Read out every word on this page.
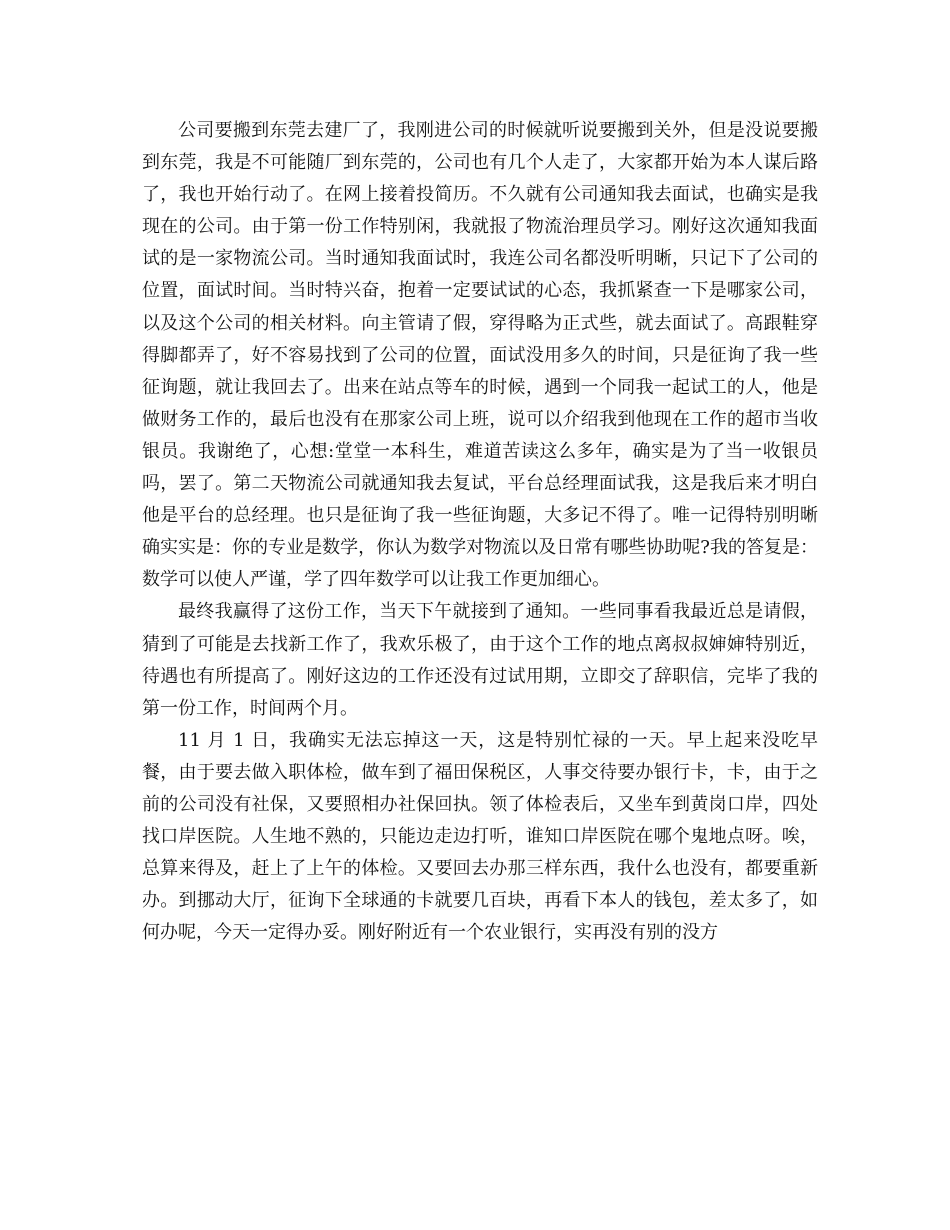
公司要搬到东莞去建厂了，我刚进公司的时候就听说要搬到关外，但是没说要搬到东莞，我是不可能随厂到东莞的，公司也有几个人走了，大家都开始为本人谋后路了，我也开始行动了。在网上接着投简历。不久就有公司通知我去面试，也确实是我现在的公司。由于第一份工作特别闲，我就报了物流治理员学习。刚好这次通知我面试的是一家物流公司。当时通知我面试时，我连公司名都没听明晰，只记下了公司的位置，面试时间。当时特兴奋，抱着一定要试试的心态，我抓紧查一下是哪家公司，以及这个公司的相关材料。向主管请了假，穿得略为正式些，就去面试了。高跟鞋穿得脚都弄了，好不容易找到了公司的位置，面试没用多久的时间，只是征询了我一些征询题，就让我回去了。出来在站点等车的时候，遇到一个同我一起试工的人，他是做财务工作的，最后也没有在那家公司上班，说可以介绍我到他现在工作的超市当收银员。我谢绝了，心想:堂堂一本科生，难道苦读这么多年，确实是为了当一收银员吗，罢了。第二天物流公司就通知我去复试，平台总经理面试我，这是我后来才明白他是平台的总经理。也只是征询了我一些征询题，大多记不得了。唯一记得特别明晰确实实是：你的专业是数学，你认为数学对物流以及日常有哪些协助呢?我的答复是：数学可以使人严谨，学了四年数学可以让我工作更加细心。

最终我赢得了这份工作，当天下午就接到了通知。一些同事看我最近总是请假，猜到了可能是去找新工作了，我欢乐极了，由于这个工作的地点离叔叔婶婶特别近，待遇也有所提高了。刚好这边的工作还没有过试用期，立即交了辞职信，完毕了我的第一份工作，时间两个月。

11 月 1 日，我确实无法忘掉这一天，这是特别忙禄的一天。早上起来没吃早餐，由于要去做入职体检，做车到了福田保税区，人事交待要办银行卡，卡，由于之前的公司没有社保，又要照相办社保回执。领了体检表后，又坐车到黄岗口岸，四处找口岸医院。人生地不熟的，只能边走边打听，谁知口岸医院在哪个鬼地点呀。唉，总算来得及，赶上了上午的体检。又要回去办那三样东西，我什么也没有，都要重新办。到挪动大厅，征询下全球通的卡就要几百块，再看下本人的钱包，差太多了，如何办呢，今天一定得办妥。刚好附近有一个农业银行，实再没有别的没方
